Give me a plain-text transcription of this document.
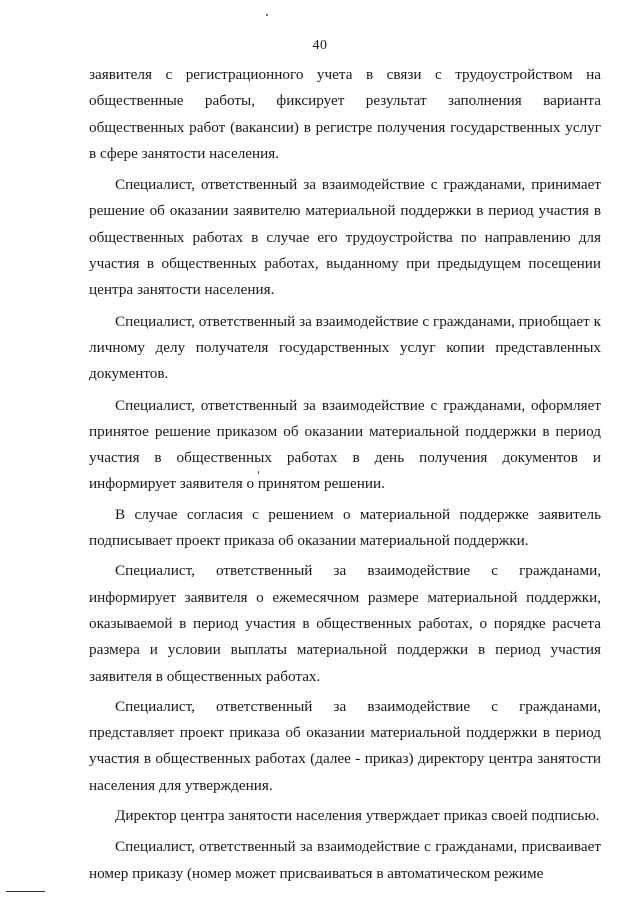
40

заявителя с регистрационного учета в связи с трудоустройством на общественные работы, фиксирует результат заполнения варианта общественных работ (вакансии) в регистре получения государственных услуг в сфере занятости населения.

Специалист, ответственный за взаимодействие с гражданами, принимает решение об оказании заявителю материальной поддержки в период участия в общественных работах в случае его трудоустройства по направлению для участия в общественных работах, выданному при предыдущем посещении центра занятости населения.

Специалист, ответственный за взаимодействие с гражданами, приобщает к личному делу получателя государственных услуг копии представленных документов.

Специалист, ответственный за взаимодействие с гражданами, оформляет принятое решение приказом об оказании материальной поддержки в период участия в общественных работах в день получения документов и информирует заявителя о принятом решении.

В случае согласия с решением о материальной поддержке заявитель подписывает проект приказа об оказании материальной поддержки.

Специалист, ответственный за взаимодействие с гражданами, информирует заявителя о ежемесячном размере материальной поддержки, оказываемой в период участия в общественных работах, о порядке расчета размера и условии выплаты материальной поддержки в период участия заявителя в общественных работах.

Специалист, ответственный за взаимодействие с гражданами, представляет проект приказа об оказании материальной поддержки в период участия в общественных работах (далее - приказ) директору центра занятости населения для утверждения.

Директор центра занятости населения утверждает приказ своей подписью.

Специалист, ответственный за взаимодействие с гражданами, присваивает номер приказу (номер может присваиваться в автоматическом режиме
